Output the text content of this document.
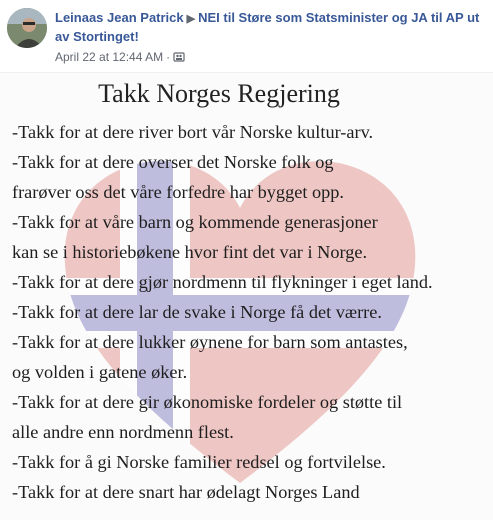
Leinaas Jean Patrick ▶ NEI til Støre som Statsminister og JA til AP ut av Stortinget!
April 22 at 12:44 AM ·
Takk Norges Regjering
-Takk for at dere river bort vår Norske kultur-arv.
-Takk for at dere overser det Norske folk og
frarøver oss det våre forfedre har bygget opp.
-Takk for at våre barn og kommende generasjoner
kan se i historiebøkene hvor fint det var i Norge.
-Takk for at dere gjør nordmenn til flykninger i eget land.
-Takk for at dere lar de svake i Norge få det værre.
-Takk for at dere lukker øynene for barn som antastes,
og volden i gatene øker.
-Takk for at dere gir økonomiske fordeler og støtte til
alle andre enn nordmenn flest.
-Takk for å gi Norske familier redsel og fortvilelse.
-Takk for at dere snart har ødelagt Norges Land
